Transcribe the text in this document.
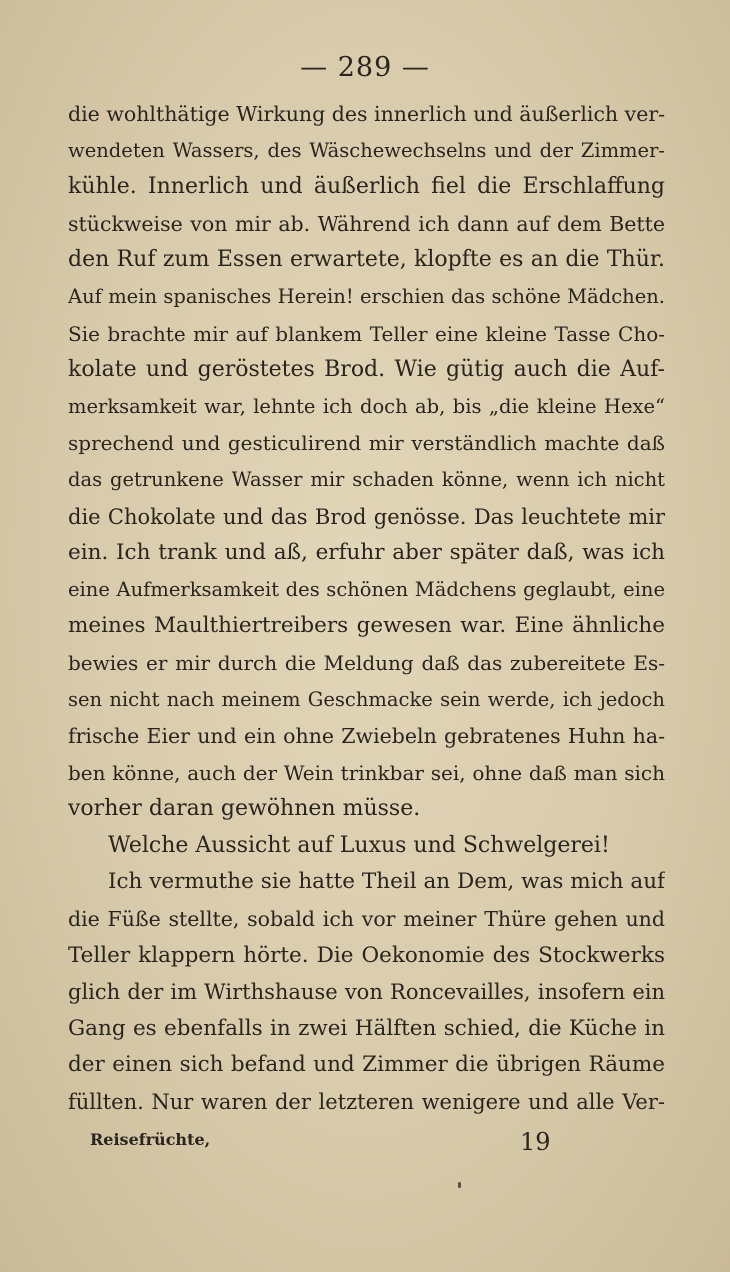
— 289 —
die wohlthätige Wirkung des innerlich und äußerlich ver-
wendeten Wassers, des Wäschewechselns und der Zimmer-
kühle. Innerlich und äußerlich fiel die Erschlaffung
stückweise von mir ab. Während ich dann auf dem Bette
den Ruf zum Essen erwartete, klopfte es an die Thür.
Auf mein spanisches Herein! erschien das schöne Mädchen.
Sie brachte mir auf blankem Teller eine kleine Tasse Cho-
kolate und geröstetes Brod. Wie gütig auch die Auf-
merksamkeit war, lehnte ich doch ab, bis „die kleine Hexe“
sprechend und gesticulirend mir verständlich machte daß
das getrunkene Wasser mir schaden könne, wenn ich nicht
die Chokolate und das Brod genösse. Das leuchtete mir
ein. Ich trank und aß, erfuhr aber später daß, was ich
eine Aufmerksamkeit des schönen Mädchens geglaubt, eine
meines Maulthiertreibers gewesen war. Eine ähnliche
bewies er mir durch die Meldung daß das zubereitete Es-
sen nicht nach meinem Geschmacke sein werde, ich jedoch
frische Eier und ein ohne Zwiebeln gebratenes Huhn ha-
ben könne, auch der Wein trinkbar sei, ohne daß man sich
vorher daran gewöhnen müsse.
Welche Aussicht auf Luxus und Schwelgerei!
Ich vermuthe sie hatte Theil an Dem, was mich auf
die Füße stellte, sobald ich vor meiner Thüre gehen und
Teller klappern hörte. Die Oekonomie des Stockwerks
glich der im Wirthshause von Roncevailles, insofern ein
Gang es ebenfalls in zwei Hälften schied, die Küche in
der einen sich befand und Zimmer die übrigen Räume
füllten. Nur waren der letzteren wenigere und alle Ver-
Reisefrüchte,	19
